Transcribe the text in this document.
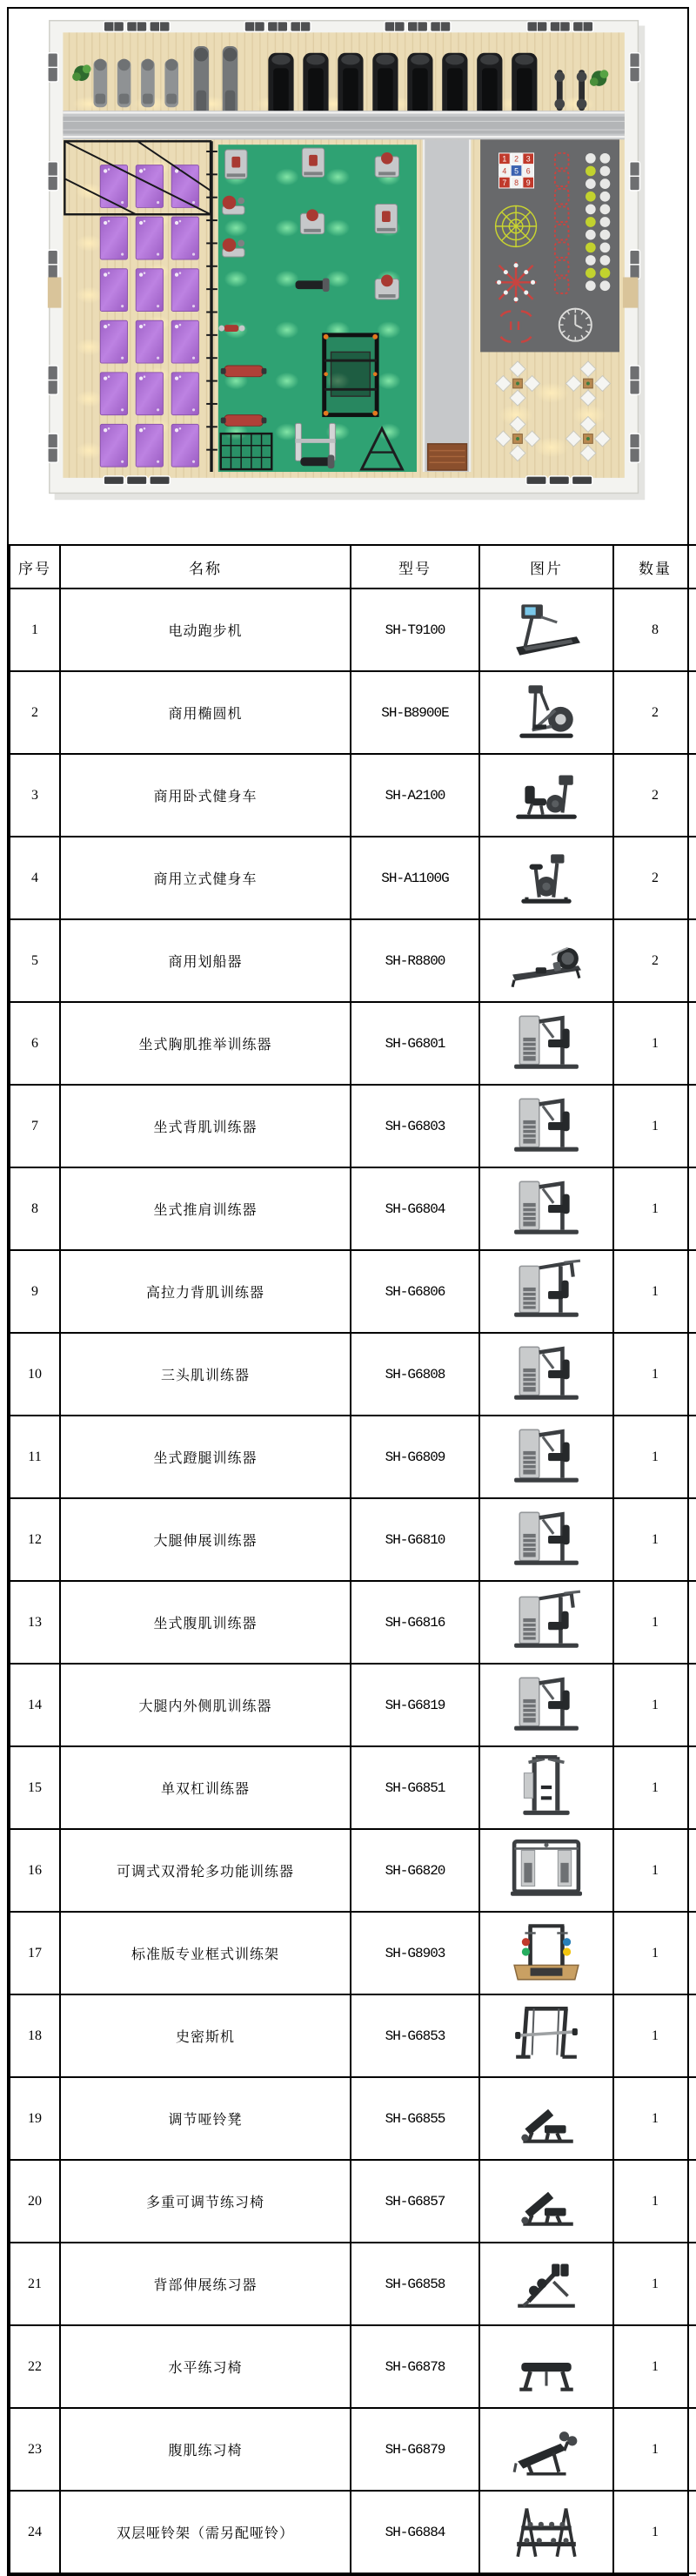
1 2 3
4 5 6
7 8 9
序号	名称	型号	图片	数量
1	电动跑步机	SH-T9100		8
2	商用椭圆机	SH-B8900E		2
3	商用卧式健身车	SH-A2100		2
4	商用立式健身车	SH-A1100G		2
5	商用划船器	SH-R8800		2
6	坐式胸肌推举训练器	SH-G6801		1
7	坐式背肌训练器	SH-G6803		1
8	坐式推肩训练器	SH-G6804		1
9	高拉力背肌训练器	SH-G6806		1
10	三头肌训练器	SH-G6808		1
11	坐式蹬腿训练器	SH-G6809		1
12	大腿伸展训练器	SH-G6810		1
13	坐式腹肌训练器	SH-G6816		1
14	大腿内外侧肌训练器	SH-G6819		1
15	单双杠训练器	SH-G6851		1
16	可调式双滑轮多功能训练器	SH-G6820		1
17	标准版专业框式训练架	SH-G8903		1
18	史密斯机	SH-G6853		1
19	调节哑铃凳	SH-G6855		1
20	多重可调节练习椅	SH-G6857		1
21	背部伸展练习器	SH-G6858		1
22	水平练习椅	SH-G6878		1
23	腹肌练习椅	SH-G6879		1
24	双层哑铃架（需另配哑铃）	SH-G6884		1
